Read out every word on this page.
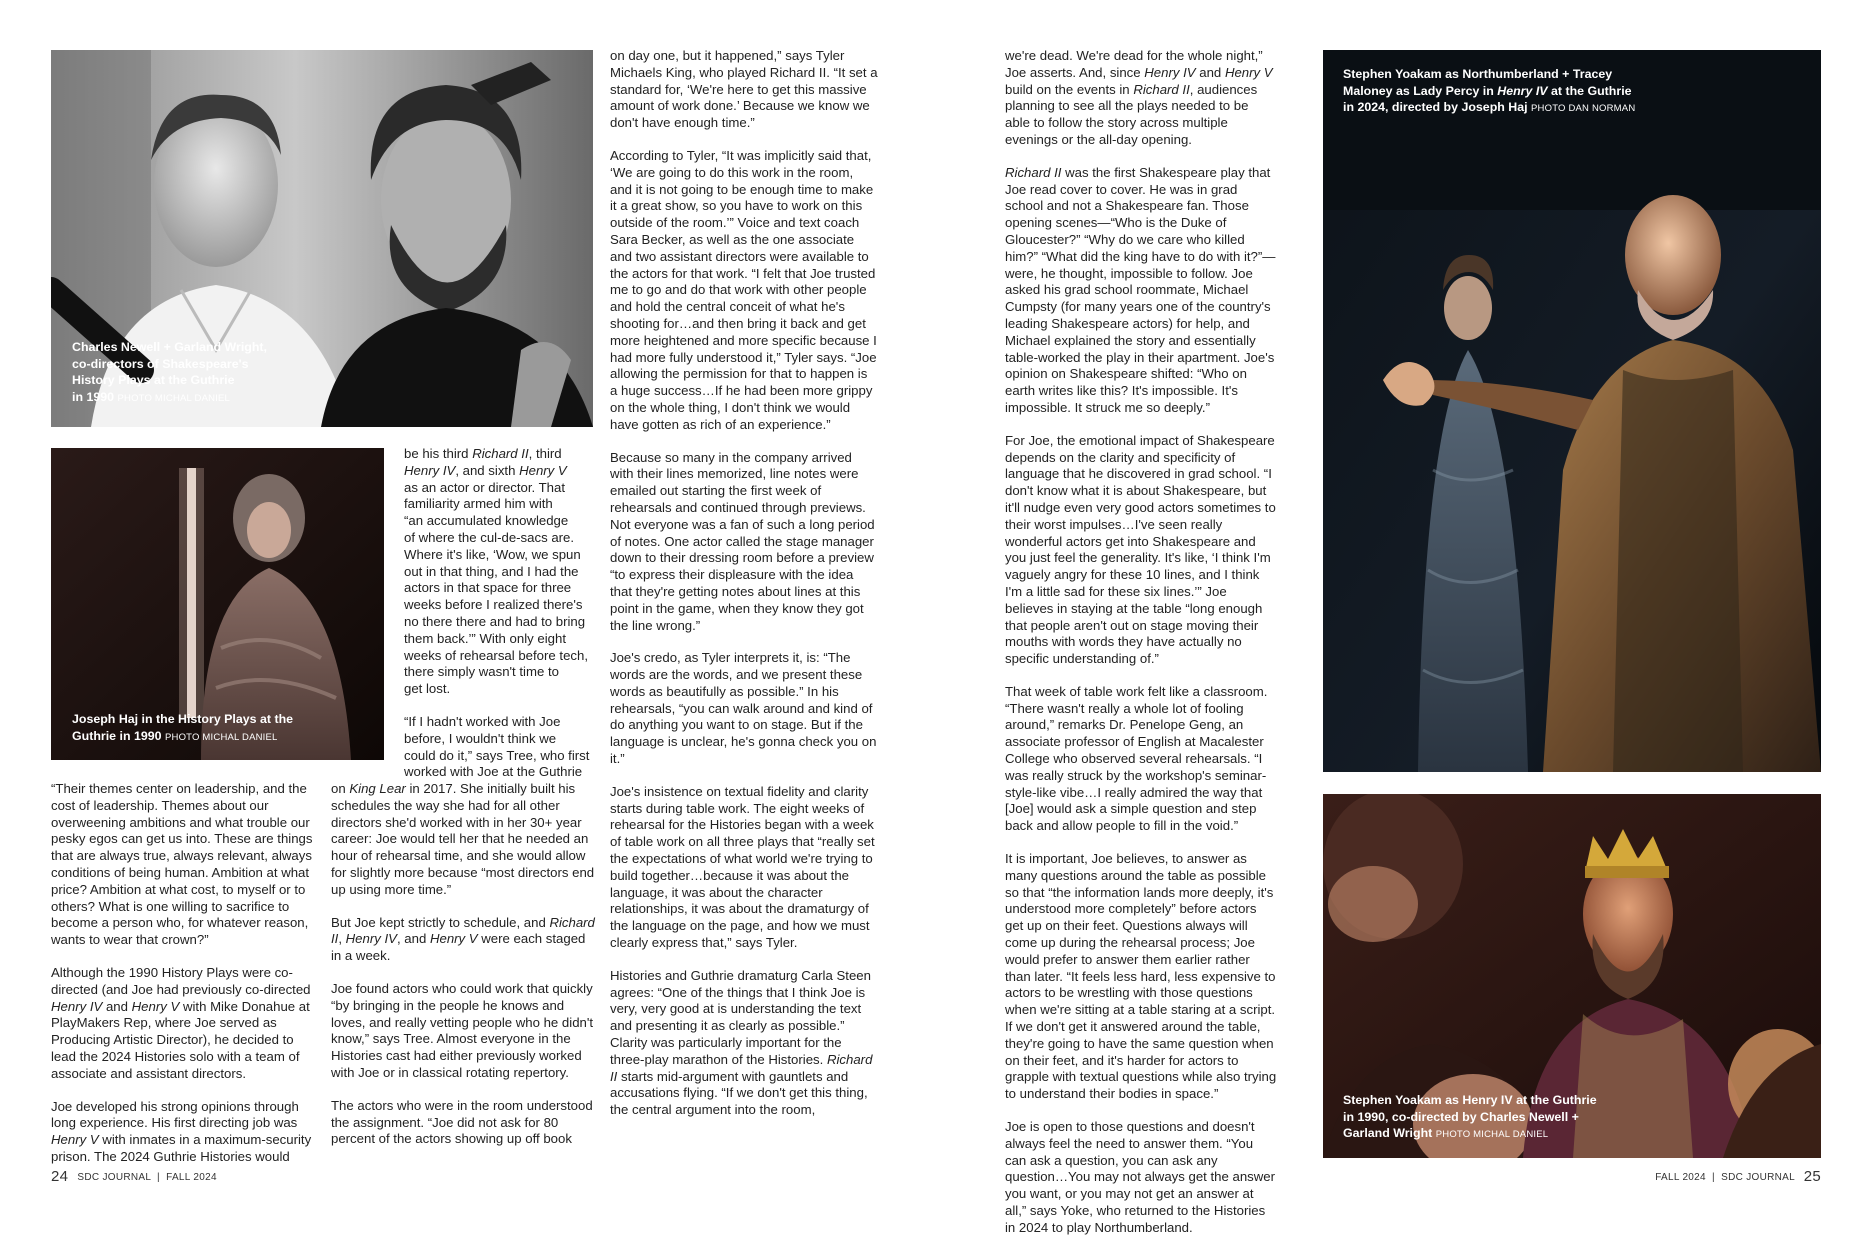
Charles Newell + Garland Wright,
co-directors of Shakespeare's
History Plays at the Guthrie
in 1990 PHOTO MICHAL DANIEL
Joseph Haj in the History Plays at the
Guthrie in 1990 PHOTO MICHAL DANIEL
be his third Richard II, third
Henry IV, and sixth Henry V
as an actor or director. That
familiarity armed him with
“an accumulated knowledge
of where the cul-de-sacs are.
Where it's like, ‘Wow, we spun
out in that thing, and I had the
actors in that space for three
weeks before I realized there's
no there there and had to bring
them back.’” With only eight
weeks of rehearsal before tech,
there simply wasn't time to
get lost.
“If I hadn't worked with Joe
before, I wouldn't think we
could do it,” says Tree, who first
worked with Joe at the Guthrie

“Their themes center on leadership, and the cost of leadership. Themes about our overweening ambitions and what trouble our pesky egos can get us into. These are things that are always true, always relevant, always conditions of being human. Ambition at what price? Ambition at what cost, to myself or to others? What is one willing to sacrifice to become a person who, for whatever reason, wants to wear that crown?”

Although the 1990 History Plays were co-directed (and Joe had previously co-directed Henry IV and Henry V with Mike Donahue at PlayMakers Rep, where Joe served as Producing Artistic Director), he decided to lead the 2024 Histories solo with a team of associate and assistant directors.

Joe developed his strong opinions through long experience. His first directing job was Henry V with inmates in a maximum-security prison. The 2024 Guthrie Histories would

on King Lear in 2017. She initially built his schedules the way she had for all other directors she'd worked with in her 30+ year career: Joe would tell her that he needed an hour of rehearsal time, and she would allow for slightly more because “most directors end up using more time.”

But Joe kept strictly to schedule, and Richard II, Henry IV, and Henry V were each staged in a week.

Joe found actors who could work that quickly “by bringing in the people he knows and loves, and really vetting people who he didn't know,” says Tree. Almost everyone in the Histories cast had either previously worked with Joe or in classical rotating repertory.

The actors who were in the room understood the assignment. “Joe did not ask for 80 percent of the actors showing up off book

on day one, but it happened,” says Tyler Michaels King, who played Richard II. “It set a standard for, ‘We're here to get this massive amount of work done.’ Because we know we don't have enough time.”

According to Tyler, “It was implicitly said that, ‘We are going to do this work in the room, and it is not going to be enough time to make it a great show, so you have to work on this outside of the room.’” Voice and text coach Sara Becker, as well as the one associate and two assistant directors were available to the actors for that work. “I felt that Joe trusted me to go and do that work with other people and hold the central conceit of what he's shooting for…and then bring it back and get more heightened and more specific because I had more fully understood it,” Tyler says. “Joe allowing the permission for that to happen is a huge success…If he had been more grippy on the whole thing, I don't think we would have gotten as rich of an experience.”

Because so many in the company arrived with their lines memorized, line notes were emailed out starting the first week of rehearsals and continued through previews. Not everyone was a fan of such a long period of notes. One actor called the stage manager down to their dressing room before a preview “to express their displeasure with the idea that they're getting notes about lines at this point in the game, when they know they got the line wrong.”

Joe's credo, as Tyler interprets it, is: “The words are the words, and we present these words as beautifully as possible.” In his rehearsals, “you can walk around and kind of do anything you want to on stage. But if the language is unclear, he's gonna check you on it.”

Joe's insistence on textual fidelity and clarity starts during table work. The eight weeks of rehearsal for the Histories began with a week of table work on all three plays that “really set the expectations of what world we're trying to build together…because it was about the language, it was about the character relationships, it was about the dramaturgy of the language on the page, and how we must clearly express that,” says Tyler.

Histories and Guthrie dramaturg Carla Steen agrees: “One of the things that I think Joe is very, very good at is understanding the text and presenting it as clearly as possible.” Clarity was particularly important for the three-play marathon of the Histories. Richard II starts mid-argument with gauntlets and accusations flying. “If we don't get this thing, the central argument into the room,

24 SDC JOURNAL  |  FALL 2024

we're dead. We're dead for the whole night,” Joe asserts. And, since Henry IV and Henry V build on the events in Richard II, audiences planning to see all the plays needed to be able to follow the story across multiple evenings or the all-day opening.

Richard II was the first Shakespeare play that Joe read cover to cover. He was in grad school and not a Shakespeare fan. Those opening scenes—“Who is the Duke of Gloucester?” “Why do we care who killed him?” “What did the king have to do with it?”—were, he thought, impossible to follow. Joe asked his grad school roommate, Michael Cumpsty (for many years one of the country's leading Shakespeare actors) for help, and Michael explained the story and essentially table-worked the play in their apartment. Joe's opinion on Shakespeare shifted: “Who on earth writes like this? It's impossible. It's impossible. It struck me so deeply.”

For Joe, the emotional impact of Shakespeare depends on the clarity and specificity of language that he discovered in grad school. “I don't know what it is about Shakespeare, but it'll nudge even very good actors sometimes to their worst impulses…I've seen really wonderful actors get into Shakespeare and you just feel the generality. It's like, ‘I think I'm vaguely angry for these 10 lines, and I think I'm a little sad for these six lines.’” Joe believes in staying at the table “long enough that people aren't out on stage moving their mouths with words they have actually no specific understanding of.”

That week of table work felt like a classroom. “There wasn't really a whole lot of fooling around,” remarks Dr. Penelope Geng, an associate professor of English at Macalester College who observed several rehearsals. “I was really struck by the workshop's seminar-style-like vibe…I really admired the way that [Joe] would ask a simple question and step back and allow people to fill in the void.”

It is important, Joe believes, to answer as many questions around the table as possible so that “the information lands more deeply, it's understood more completely” before actors get up on their feet. Questions always will come up during the rehearsal process; Joe would prefer to answer them earlier rather than later. “It feels less hard, less expensive to actors to be wrestling with those questions when we're sitting at a table staring at a script. If we don't get it answered around the table, they're going to have the same question when on their feet, and it's harder for actors to grapple with textual questions while also trying to understand their bodies in space.”

Joe is open to those questions and doesn't always feel the need to answer them. “You can ask a question, you can ask any question…You may not always get the answer you want, or you may not get an answer at all,” says Yoke, who returned to the Histories in 2024 to play Northumberland.

Stephen Yoakam as Northumberland + Tracey
Maloney as Lady Percy in Henry IV at the Guthrie
in 2024, directed by Joseph Haj PHOTO DAN NORMAN
Stephen Yoakam as Henry IV at the Guthrie
in 1990, co-directed by Charles Newell +
Garland Wright PHOTO MICHAL DANIEL
FALL 2024  |  SDC JOURNAL 25
